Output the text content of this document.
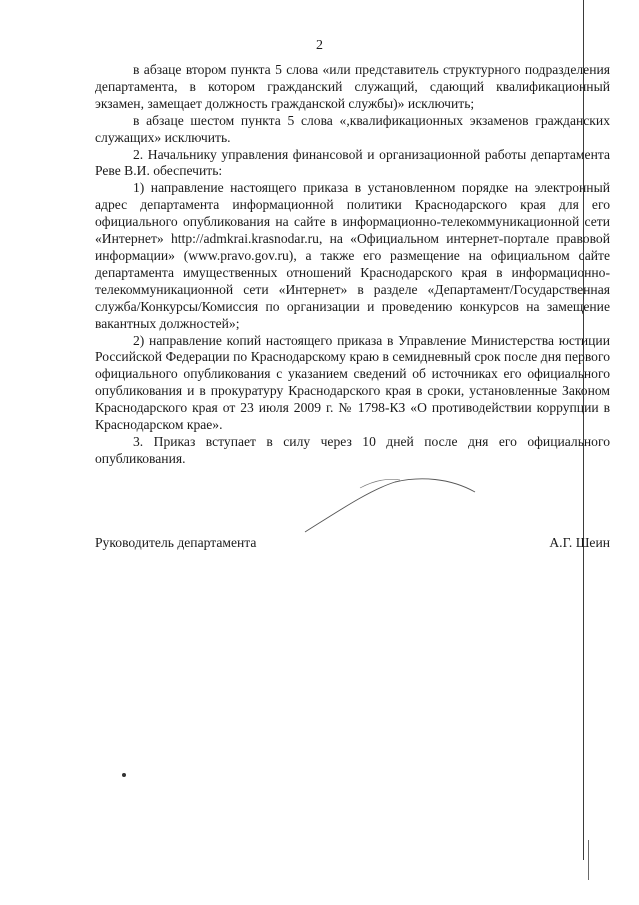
2

в абзаце втором пункта 5 слова «или представитель структурного подразделения департамента, в котором гражданский служащий, сдающий квалификационный экзамен, замещает должность гражданской службы)» исключить;

в абзаце шестом пункта 5 слова «,квалификационных экзаменов гражданских служащих» исключить.

2. Начальнику управления финансовой и организационной работы департамента Реве В.И. обеспечить:

1) направление настоящего приказа в установленном порядке на электронный адрес департамента информационной политики Краснодарского края для его официального опубликования на сайте в информационно-телекоммуникационной сети «Интернет» http://admkrai.krasnodar.ru, на «Официальном интернет-портале правовой информации» (www.pravo.gov.ru), а также его размещение на официальном сайте департамента имущественных отношений Краснодарского края в информационно-телекоммуникационной сети «Интернет» в разделе «Департамент/Государственная служба/Конкурсы/Комиссия по организации и проведению конкурсов на замещение вакантных должностей»;

2) направление копий настоящего приказа в Управление Министерства юстиции Российской Федерации по Краснодарскому краю в семидневный срок после дня первого официального опубликования с указанием сведений об источниках его официального опубликования и в прокуратуру Краснодарского края в сроки, установленные Законом Краснодарского края от 23 июля 2009 г. № 1798-КЗ «О противодействии коррупции в Краснодарском крае».

3. Приказ вступает в силу через 10 дней после дня его официального опубликования.

Руководитель департамента	А.Г. Шеин
